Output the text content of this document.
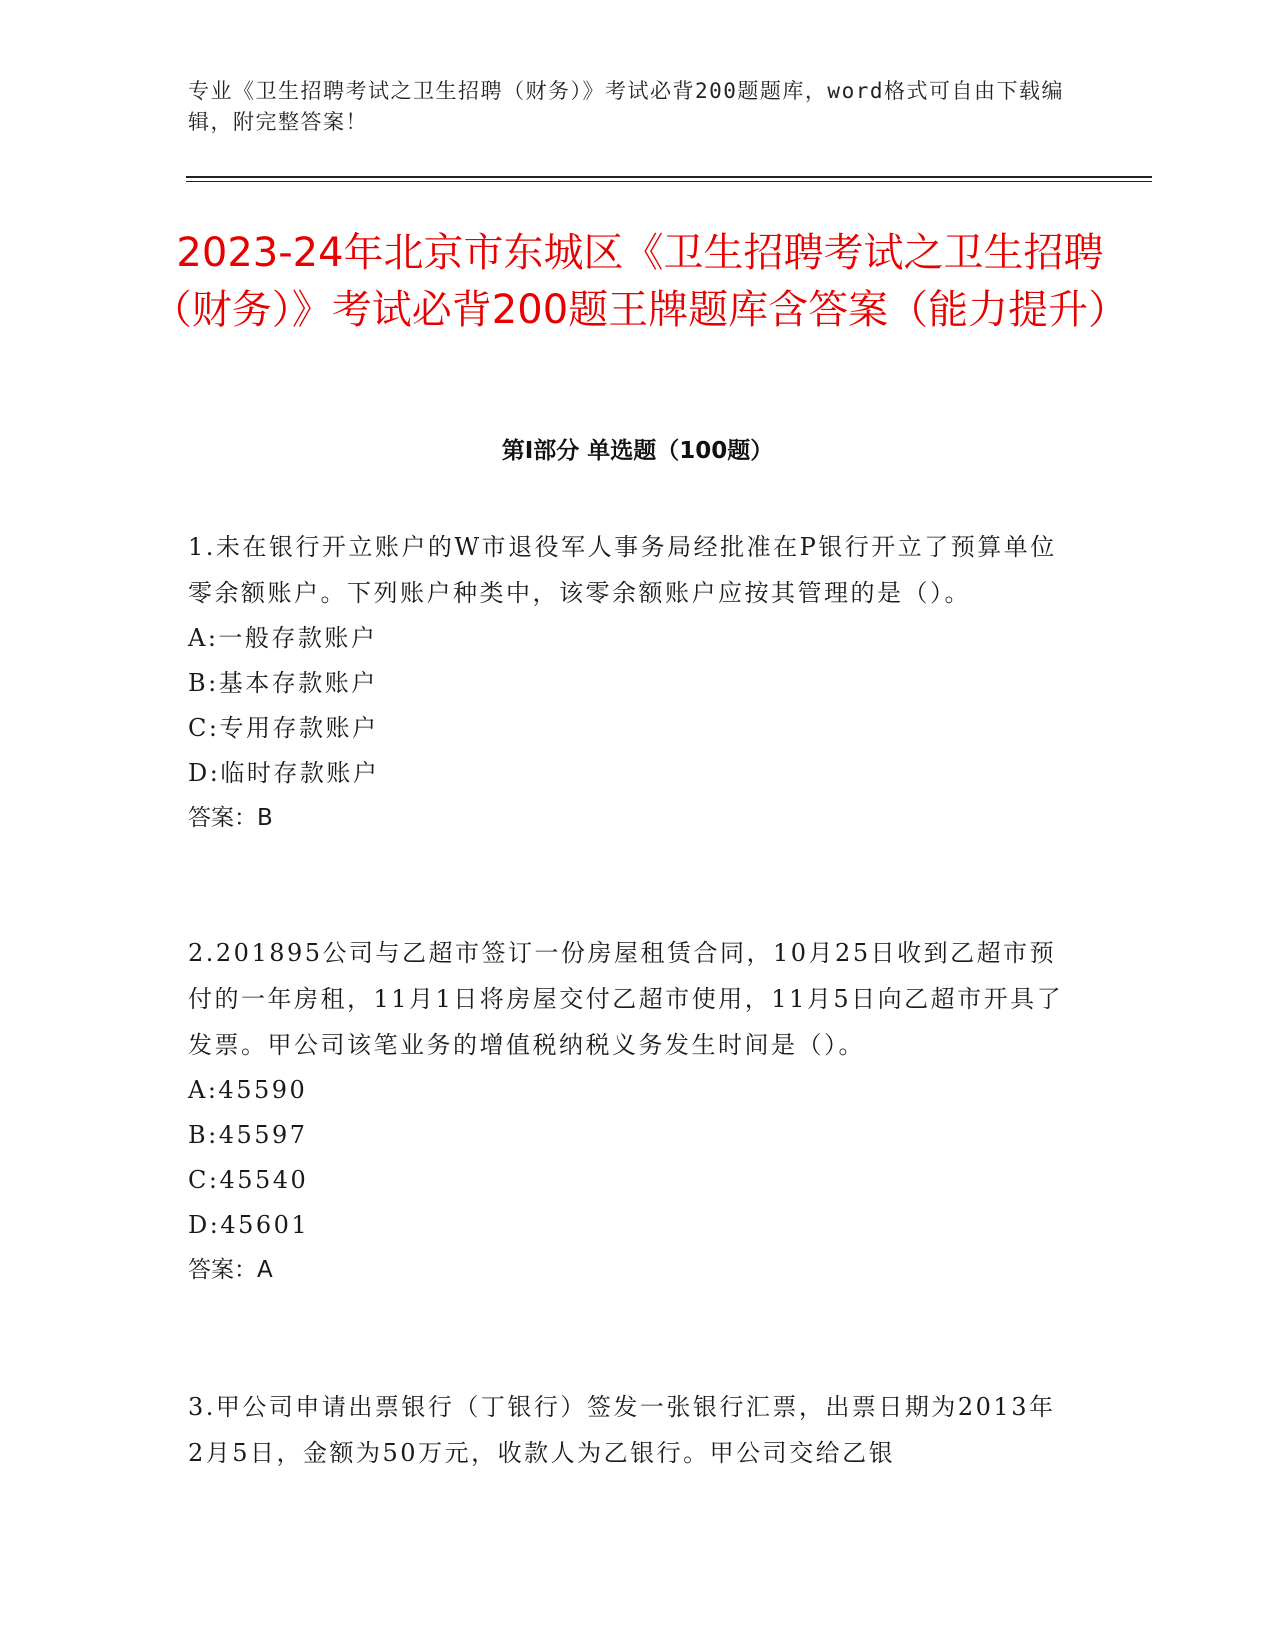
专业《卫生招聘考试之卫生招聘（财务）》考试必背200题题库，word格式可自由下载编辑，附完整答案！
2023-24年北京市东城区《卫生招聘考试之卫生招聘（财务）》考试必背200题王牌题库含答案（能力提升）
第Ⅰ部分 单选题（100题）

1.未在银行开立账户的W市退役军人事务局经批准在P银行开立了预算单位零余额账户。下列账户种类中，该零余额账户应按其管理的是（）。

A:一般存款账户

B:基本存款账户

C:专用存款账户

D:临时存款账户

答案：B

2.201895公司与乙超市签订一份房屋租赁合同，10月25日收到乙超市预付的一年房租，11月1日将房屋交付乙超市使用，11月5日向乙超市开具了发票。甲公司该笔业务的增值税纳税义务发生时间是（）。

A:45590

B:45597

C:45540

D:45601

答案：A

3.甲公司申请出票银行（丁银行）签发一张银行汇票，出票日期为2013年2月5日，金额为50万元，收款人为乙银行。甲公司交给乙银
